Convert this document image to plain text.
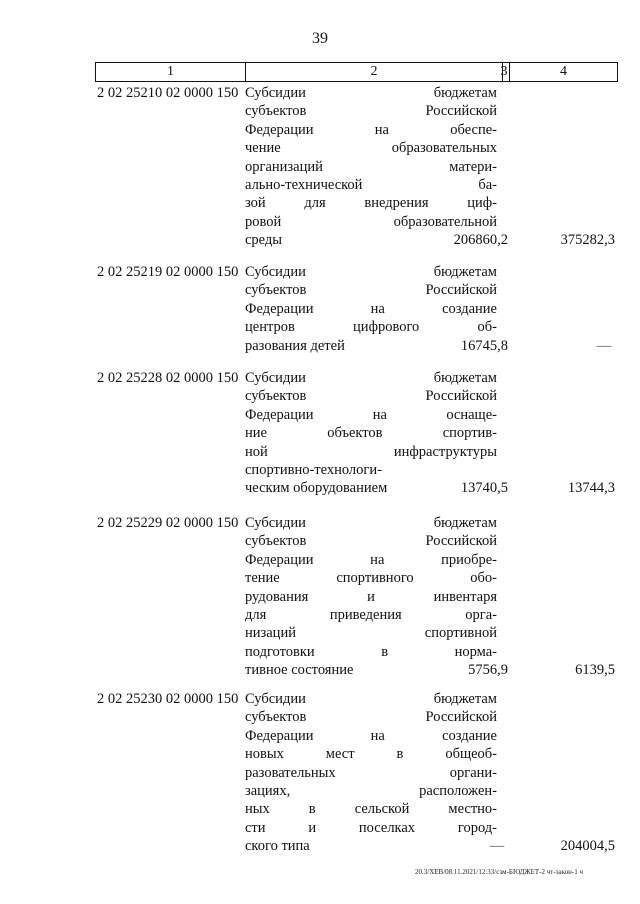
39
1	2	3	4
2 02 25210 02 0000 150 Субсидии бюджетам
субъектов Российской
Федерации на обеспе-
чение образовательных
организаций матери-
ально-технической ба-
зой для внедрения циф-
ровой образовательной
среды	206860,2	375282,3
2 02 25219 02 0000 150 Субсидии бюджетам
субъектов Российской
Федерации на создание
центров цифрового об-
разования детей	16745,8	—
2 02 25228 02 0000 150 Субсидии бюджетам
субъектов Российской
Федерации на оснаще-
ние объектов спортив-
ной инфраструктуры
спортивно-технологи-
ческим оборудованием	13740,5	13744,3
2 02 25229 02 0000 150 Субсидии бюджетам
субъектов Российской
Федерации на приобре-
тение спортивного обо-
рудования и инвентаря
для приведения орга-
низаций спортивной
подготовки в норма-
тивное состояние	5756,9	6139,5
2 02 25230 02 0000 150 Субсидии бюджетам
субъектов Российской
Федерации на создание
новых мест в общеоб-
разовательных органи-
зациях, расположен-
ных в сельской местно-
сти и поселках город-
ского типа	—	204004,5
20.3/XEB/08.11.2021/12:33/сзм-БЮДЖЕТ-2 чт-закон-1 ч
